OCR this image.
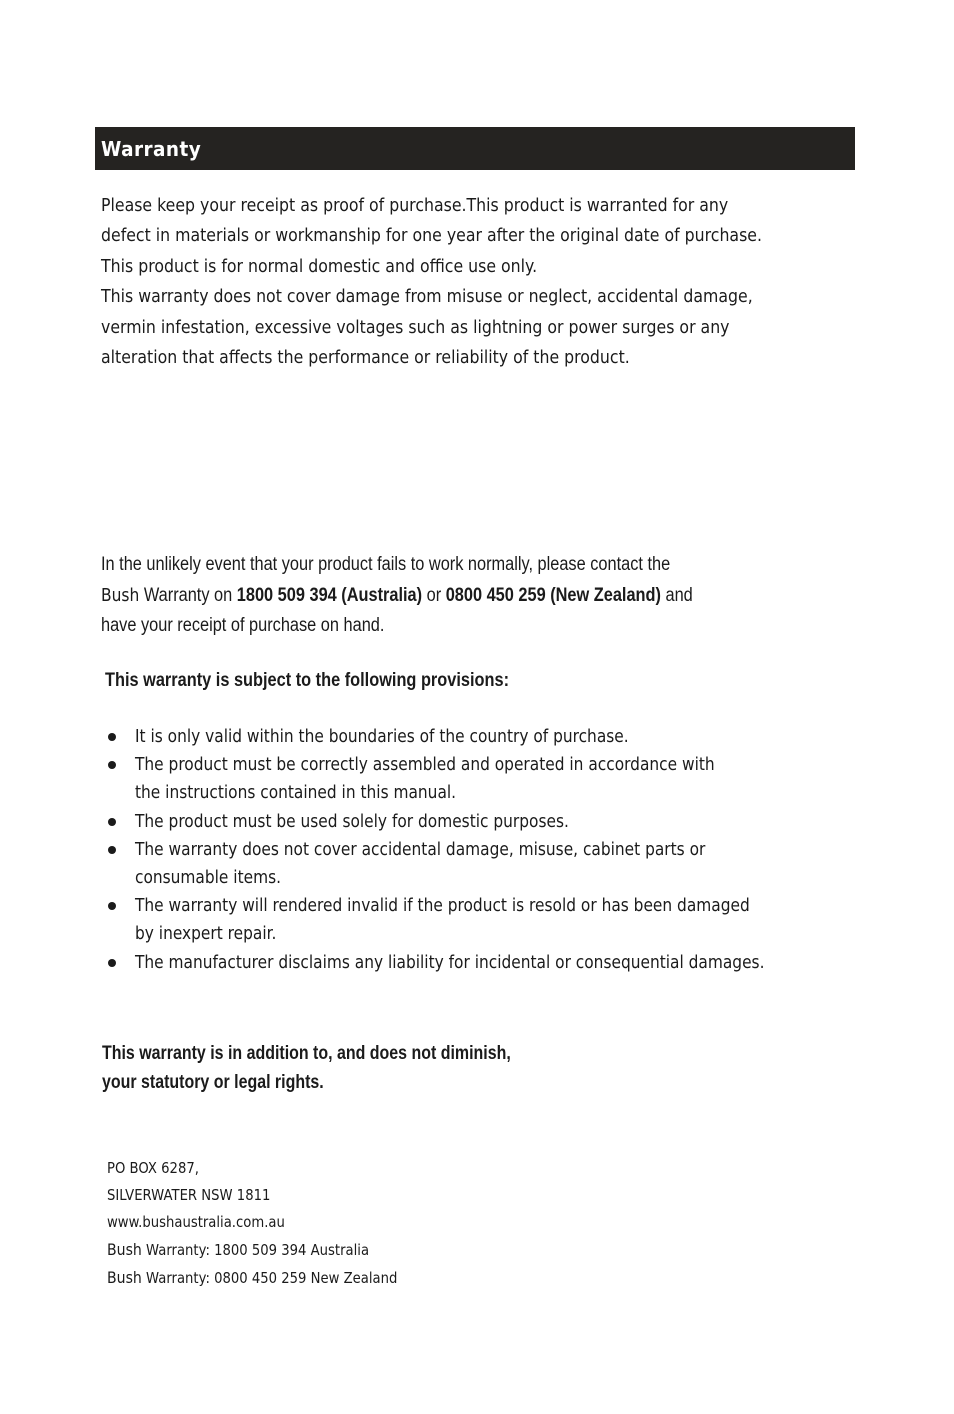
Warranty
Please keep your receipt as proof of purchase.This product is warranted for any
defect in materials or workmanship for one year after the original date of purchase.
This product is for normal domestic and office use only.
This warranty does not cover damage from misuse or neglect, accidental damage,
vermin infestation, excessive voltages such as lightning or power surges or any
alteration that affects the performance or reliability of the product.
In the unlikely event that your product fails to work normally, please contact the
Bush Warranty on 1800 509 394 (Australia) or 0800 450 259 (New Zealand) and
have your receipt of purchase on hand.
This warranty is subject to the following provisions:
It is only valid within the boundaries of the country of purchase.
The product must be correctly assembled and operated in accordance with
the instructions contained in this manual.
The product must be used solely for domestic purposes.
The warranty does not cover accidental damage, misuse, cabinet parts or
consumable items.
The warranty will rendered invalid if the product is resold or has been damaged
by inexpert repair.
The manufacturer disclaims any liability for incidental or consequential damages.
This warranty is in addition to, and does not diminish,
your statutory or legal rights.
PO BOX 6287,
SILVERWATER NSW 1811
www.bushaustralia.com.au
Bush Warranty: 1800 509 394 Australia
Bush Warranty: 0800 450 259 New Zealand
